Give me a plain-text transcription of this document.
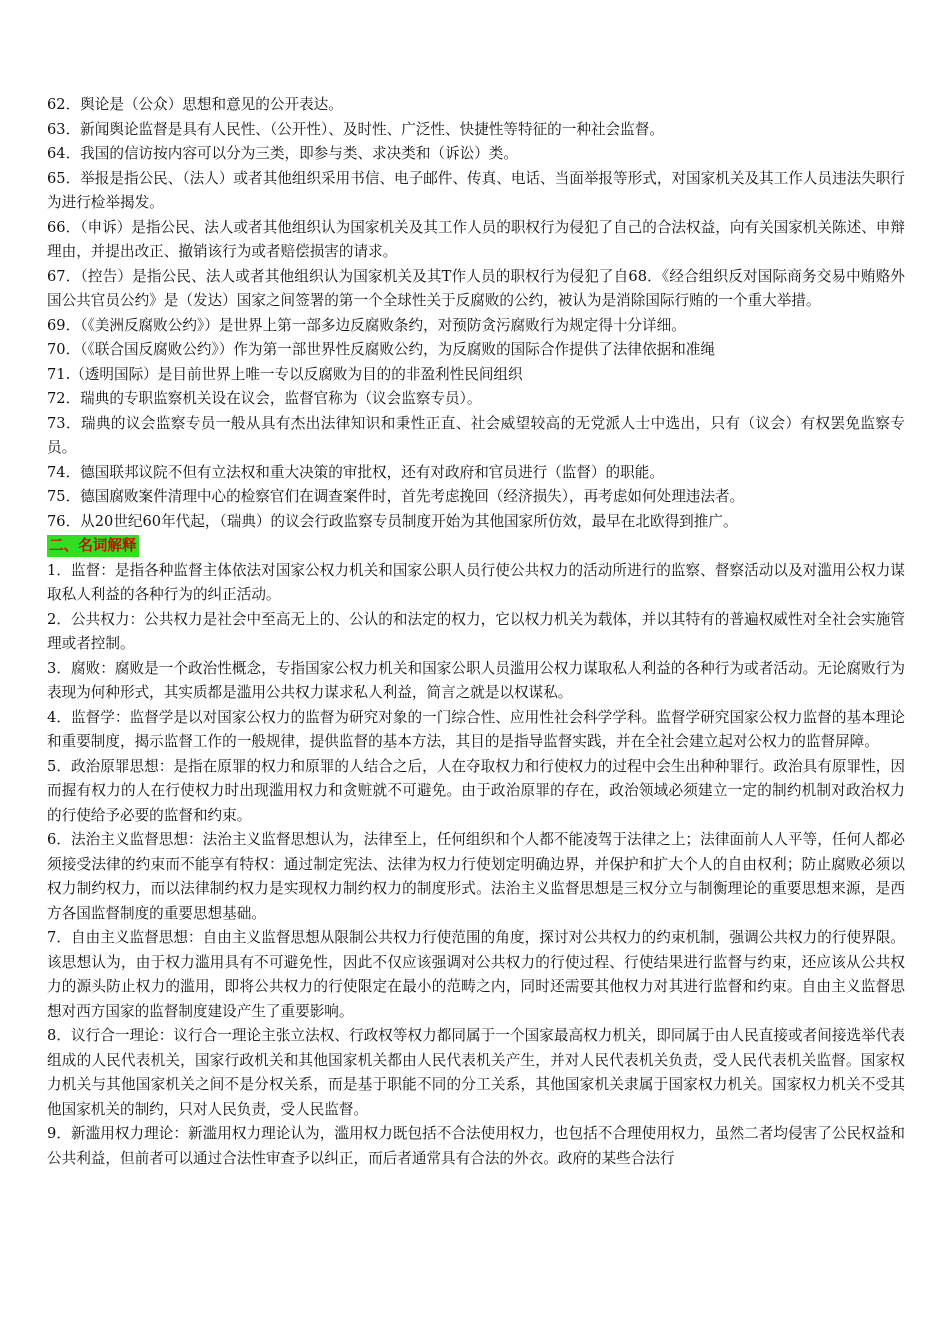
62．舆论是（公众）思想和意见的公开表达。

63．新闻舆论监督是具有人民性、（公开性）、及时性、广泛性、快捷性等特征的一种社会监督。

64．我国的信访按内容可以分为三类，即参与类、求决类和（诉讼）类。

65．举报是指公民、（法人）或者其他组织采用书信、电子邮件、传真、电话、当面举报等形式，对国家机关及其工作人员违法失职行为进行检举揭发。

66．（申诉）是指公民、法人或者其他组织认为国家机关及其工作人员的职权行为侵犯了自己的合法权益，向有关国家机关陈述、申辩理由，并提出改正、撤销该行为或者赔偿损害的请求。

67．（控告）是指公民、法人或者其他组织认为国家机关及其T作人员的职权行为侵犯了自68．《经合组织反对国际商务交易中贿赂外国公共官员公约》是（发达）国家之间签署的第一个全球性关于反腐败的公约，被认为是消除国际行贿的一个重大举措。

69．（《美洲反腐败公约》）是世界上第一部多边反腐败条约，对预防贪污腐败行为规定得十分详细。

70．（《联合国反腐败公约》）作为第一部世界性反腐败公约，为反腐败的国际合作提供了法律依据和准绳

71.（透明国际）是目前世界上唯一专以反腐败为目的的非盈利性民间组织

72．瑞典的专职监察机关设在议会，监督官称为（议会监察专员）。

73．瑞典的议会监察专员一般从具有杰出法律知识和秉性正直、社会威望较高的无党派人士中选出，只有（议会）有权罢免监察专员。

74．德国联邦议院不但有立法权和重大决策的审批权，还有对政府和官员进行（监督）的职能。

75．德国腐败案件清理中心的检察官们在调查案件时，首先考虑挽回（经济损失），再考虑如何处理违法者。

76．从20世纪60年代起，（瑞典）的议会行政监察专员制度开始为其他国家所仿效，最早在北欧得到推广。

二、名词解释

1．监督：是指各种监督主体依法对国家公权力机关和国家公职人员行使公共权力的活动所进行的监察、督察活动以及对滥用公权力谋取私人利益的各种行为的纠正活动。

2．公共权力：公共权力是社会中至高无上的、公认的和法定的权力，它以权力机关为载体，并以其特有的普遍权威性对全社会实施管理或者控制。

3．腐败：腐败是一个政治性概念，专指国家公权力机关和国家公职人员滥用公权力谋取私人利益的各种行为或者活动。无论腐败行为表现为何种形式，其实质都是滥用公共权力谋求私人利益，简言之就是以权谋私。

4．监督学：监督学是以对国家公权力的监督为研究对象的一门综合性、应用性社会科学学科。监督学研究国家公权力监督的基本理论和重要制度，揭示监督工作的一般规律，提供监督的基本方法，其目的是指导监督实践，并在全社会建立起对公权力的监督屏障。

5．政治原罪思想：是指在原罪的权力和原罪的人结合之后，人在夺取权力和行使权力的过程中会生出种种罪行。政治具有原罪性，因而握有权力的人在行使权力时出现滥用权力和贪赃就不可避免。由于政治原罪的存在，政治领域必须建立一定的制约机制对政治权力的行使给予必要的监督和约束。

6．法治主义监督思想：法治主义监督思想认为，法律至上，任何组织和个人都不能凌驾于法律之上；法律面前人人平等，任何人都必须接受法律的约束而不能享有特权：通过制定宪法、法律为权力行使划定明确边界，并保护和扩大个人的自由权利；防止腐败必须以权力制约权力，而以法律制约权力是实现权力制约权力的制度形式。法治主义监督思想是三权分立与制衡理论的重要思想来源，是西方各国监督制度的重要思想基础。

7．自由主义监督思想：自由主义监督思想从限制公共权力行使范围的角度，探讨对公共权力的约束机制，强调公共权力的行使界限。该思想认为，由于权力滥用具有不可避免性，因此不仅应该强调对公共权力的行使过程、行使结果进行监督与约束，还应该从公共权力的源头防止权力的滥用，即将公共权力的行使限定在最小的范畴之内，同时还需要其他权力对其进行监督和约束。自由主义监督思想对西方国家的监督制度建设产生了重要影响。

8．议行合一理论：议行合一理论主张立法权、行政权等权力都同属于一个国家最高权力机关，即同属于由人民直接或者间接选举代表组成的人民代表机关，国家行政机关和其他国家机关都由人民代表机关产生，并对人民代表机关负责，受人民代表机关监督。国家权力机关与其他国家机关之间不是分权关系，而是基于职能不同的分工关系，其他国家机关隶属于国家权力机关。国家权力机关不受其他国家机关的制约，只对人民负责，受人民监督。

9．新滥用权力理论：新滥用权力理论认为，滥用权力既包括不合法使用权力，也包括不合理使用权力，虽然二者均侵害了公民权益和公共利益，但前者可以通过合法性审查予以纠正，而后者通常具有合法的外衣。政府的某些合法行
